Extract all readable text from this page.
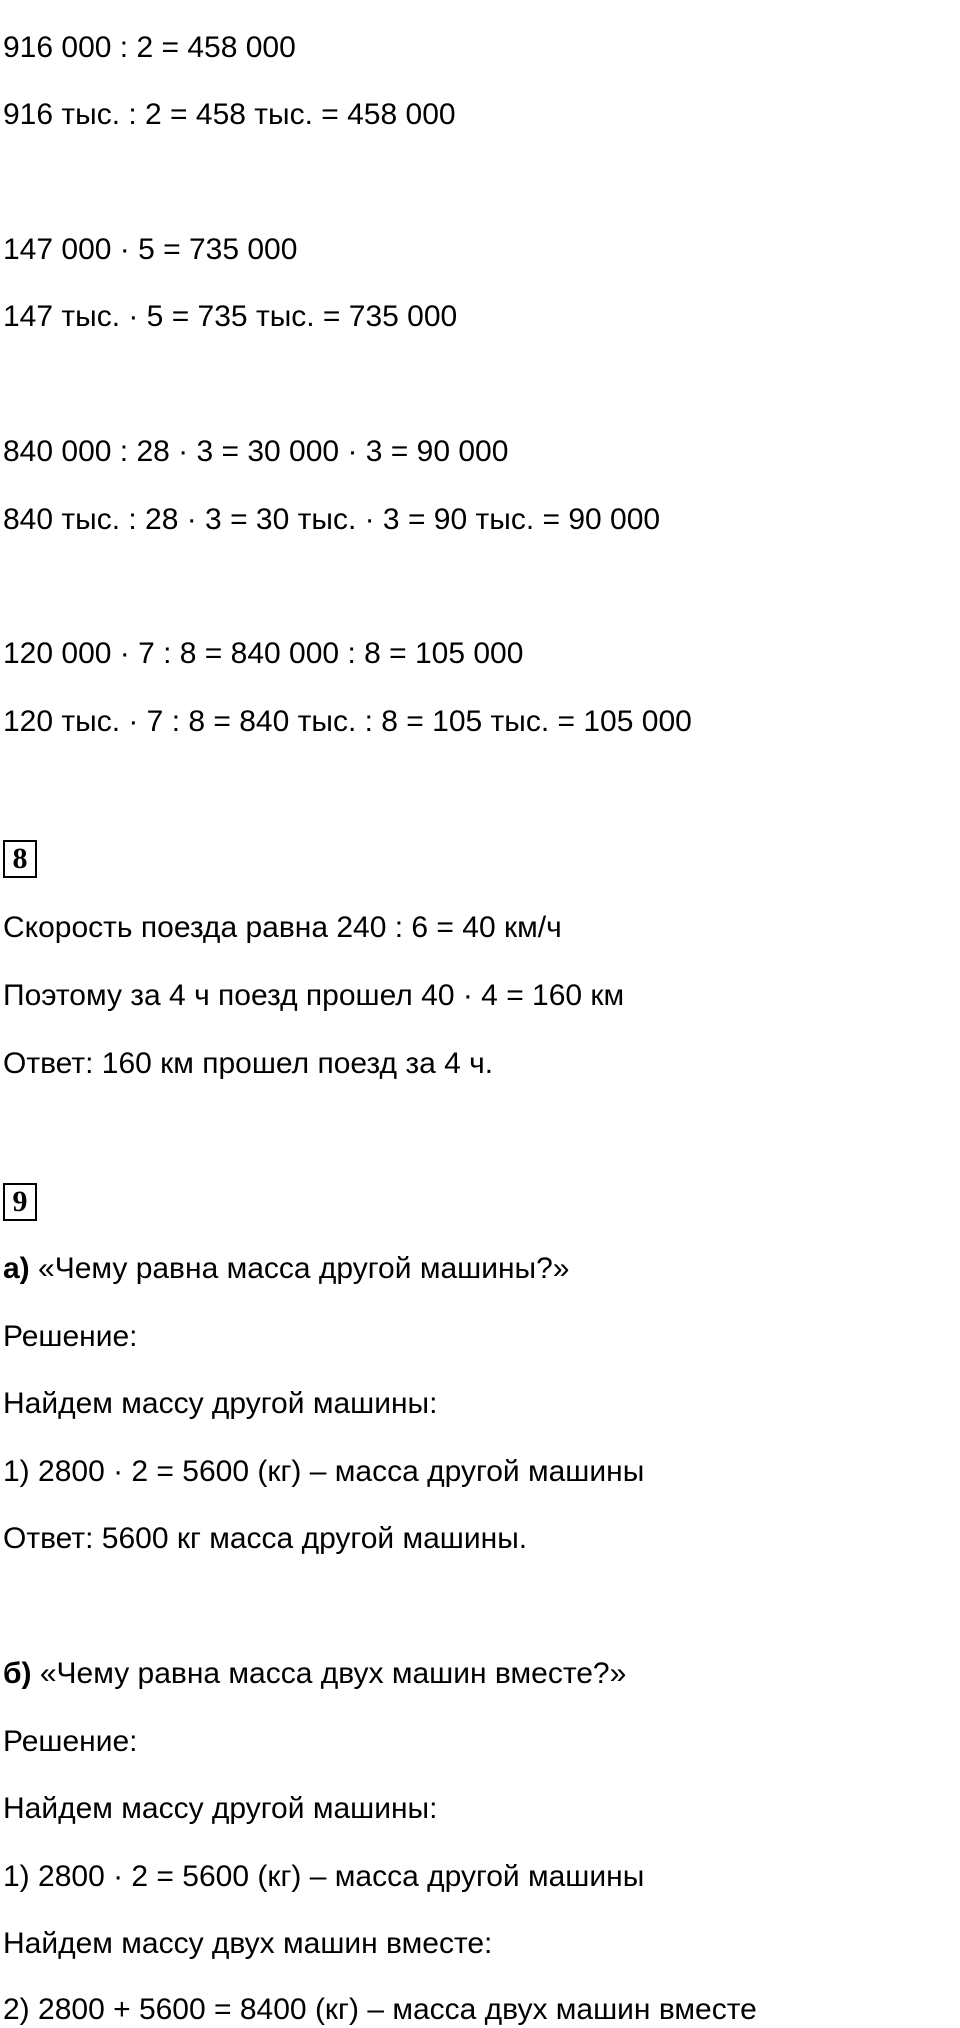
916 000 : 2 = 458 000
916 тыс. : 2 = 458 тыс. = 458 000
147 000 · 5 = 735 000
147 тыс. · 5 = 735 тыс. = 735 000
840 000 : 28 · 3 = 30 000 · 3 = 90 000
840 тыс. : 28 · 3 = 30 тыс. · 3 = 90 тыс. = 90 000
120 000 · 7 : 8 = 840 000 : 8 = 105 000
120 тыс. · 7 : 8 = 840 тыс. : 8 = 105 тыс. = 105 000
8
Скорость поезда равна 240 : 6 = 40 км/ч
Поэтому за 4 ч поезд прошел 40 · 4 = 160 км
Ответ: 160 км прошел поезд за 4 ч.
9
а) «Чему равна масса другой машины?»
Решение:
Найдем массу другой машины:
1) 2800 · 2 = 5600 (кг) – масса другой машины
Ответ: 5600 кг масса другой машины.
б) «Чему равна масса двух машин вместе?»
Решение:
Найдем массу другой машины:
1) 2800 · 2 = 5600 (кг) – масса другой машины
Найдем массу двух машин вместе:
2) 2800 + 5600 = 8400 (кг) – масса двух машин вместе
